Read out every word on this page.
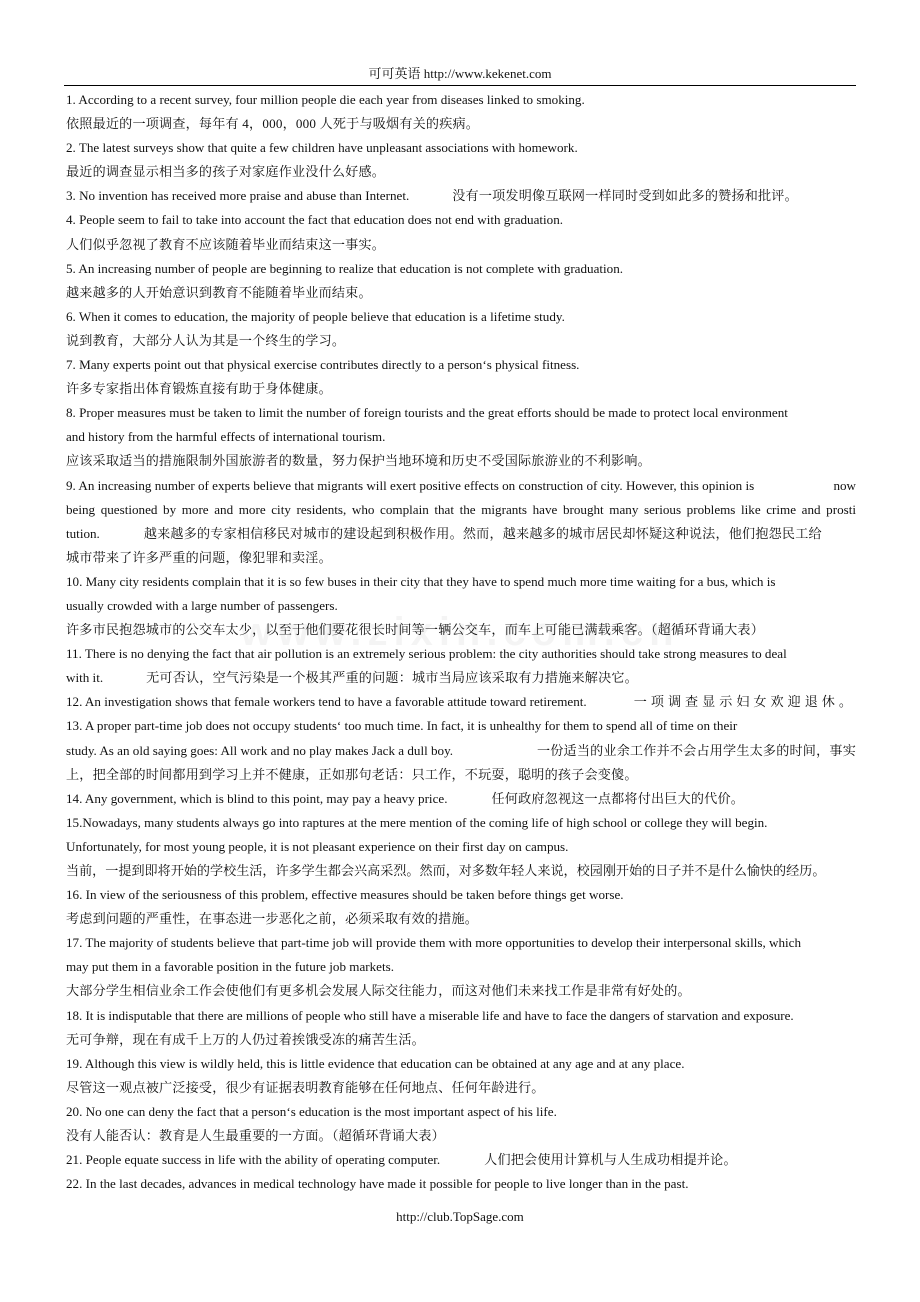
可可英语 http://www.kekenet.com

1. According to a recent survey, four million people die each year from diseases linked to smoking.

依照最近的一项调查，每年有 4，000，000 人死于与吸烟有关的疾病。

2. The latest surveys show that quite a few children have unpleasant associations with homework.

最近的调查显示相当多的孩子对家庭作业没什么好感。

3. No invention has received more praise and abuse than Internet.	没有一项发明像互联网一样同时受到如此多的赞扬和批评。

4. People seem to fail to take into account the fact that education does not end with graduation.

人们似乎忽视了教育不应该随着毕业而结束这一事实。

5. An increasing number of people are beginning to realize that education is not complete with graduation.

越来越多的人开始意识到教育不能随着毕业而结束。

6. When it comes to education, the majority of people believe that education is a lifetime study.

说到教育，大部分人认为其是一个终生的学习。

7. Many experts point out that physical exercise contributes directly to a person‘s physical fitness.

许多专家指出体育锻炼直接有助于身体健康。

8. Proper measures must be taken to limit the number of foreign tourists and the great efforts should be made to protect local environment

and history from the harmful effects of international tourism.

应该采取适当的措施限制外国旅游者的数量，努力保护当地环境和历史不受国际旅游业的不利影响。

9. An increasing number of experts believe that migrants will exert positive effects on construction of city. However, this opinion is	now

being questioned by more and more city residents, who complain that the migrants have brought many serious problems like crime and prosti

tution.	越来越多的专家相信移民对城市的建设起到积极作用。然而，越来越多的城市居民却怀疑这种说法，他们抱怨民工给

城市带来了许多严重的问题，像犯罪和卖淫。

10. Many city residents complain that it is so few buses in their city that they have to spend much more time waiting for a bus, which is

usually crowded with a large number of passengers.

许多市民抱怨城市的公交车太少，以至于他们要花很长时间等一辆公交车，而车上可能已满载乘客。（超循环背诵大表）

11. There is no denying the fact that air pollution is an extremely serious problem: the city authorities should take strong measures to deal

with it.	无可否认，空气污染是一个极其严重的问题：城市当局应该采取有力措施来解决它。

12. An investigation shows that female workers tend to have a favorable attitude toward retirement.	一项调查显示妇女欢迎退休。

13. A proper part-time job does not occupy students‘ too much time. In fact, it is unhealthy for them to spend all of time on their

study. As an old saying goes: All work and no play makes Jack a dull boy.	一份适当的业余工作并不会占用学生太多的时间，事实

上，把全部的时间都用到学习上并不健康，正如那句老话：只工作，不玩耍，聪明的孩子会变傻。

14. Any government, which is blind to this point, may pay a heavy price.	任何政府忽视这一点都将付出巨大的代价。

15.Nowadays, many students always go into raptures at the mere mention of the coming life of high school or college they will begin.

Unfortunately, for most young people, it is not pleasant experience on their first day on campus.

当前，一提到即将开始的学校生活，许多学生都会兴高采烈。然而，对多数年轻人来说，校园刚开始的日子并不是什么愉快的经历。

16. In view of the seriousness of this problem, effective measures should be taken before things get worse.

考虑到问题的严重性，在事态进一步恶化之前，必须采取有效的措施。

17. The majority of students believe that part-time job will provide them with more opportunities to develop their interpersonal skills, which

may put them in a favorable position in the future job markets.

大部分学生相信业余工作会使他们有更多机会发展人际交往能力，而这对他们未来找工作是非常有好处的。

18. It is indisputable that there are millions of people who still have a miserable life and have to face the dangers of starvation and exposure.

无可争辩，现在有成千上万的人仍过着挨饿受冻的痛苦生活。

19. Although this view is wildly held, this is little evidence that education can be obtained at any age and at any place.

尽管这一观点被广泛接受，很少有证据表明教育能够在任何地点、任何年龄进行。

20. No one can deny the fact that a person‘s education is the most important aspect of his life.

没有人能否认：教育是人生最重要的一方面。（超循环背诵大表）

21. People equate success in life with the ability of operating computer.	人们把会使用计算机与人生成功相提并论。

22. In the last decades, advances in medical technology have made it possible for people to live longer than in the past.

http://club.TopSage.com
